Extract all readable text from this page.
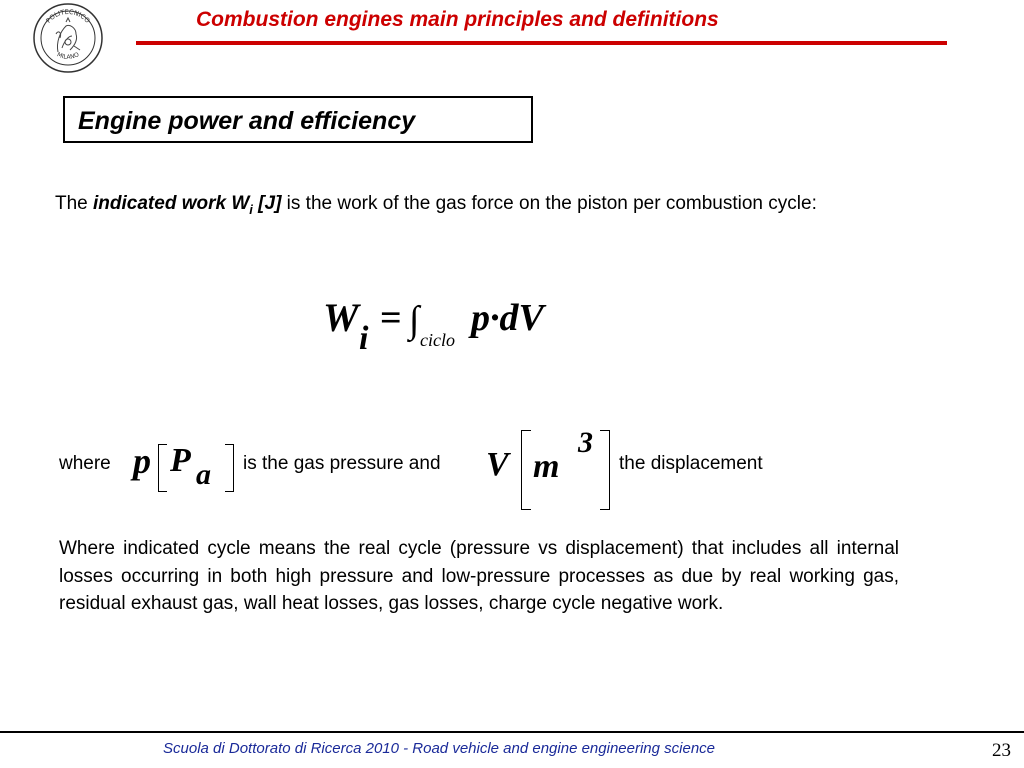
POLITECNICO
MILANO
Combustion engines main principles and definitions
Engine power and efficiency
The indicated work $W_i$ [J] is the work of the gas force on the piston per combustion cycle:
W i = ∫ ciclo
p·dV
where p P a is the gas pressure and V m
3
the displacement
Where indicated cycle means the real cycle (pressure vs displacement) that includes all internal losses occurring in both high pressure and low-pressure processes as due by real working gas, residual exhaust gas, wall heat losses, gas losses, charge cycle negative work.
Scuola di Dottorato di Ricerca 2010 - Road vehicle and engine engineering science	23
